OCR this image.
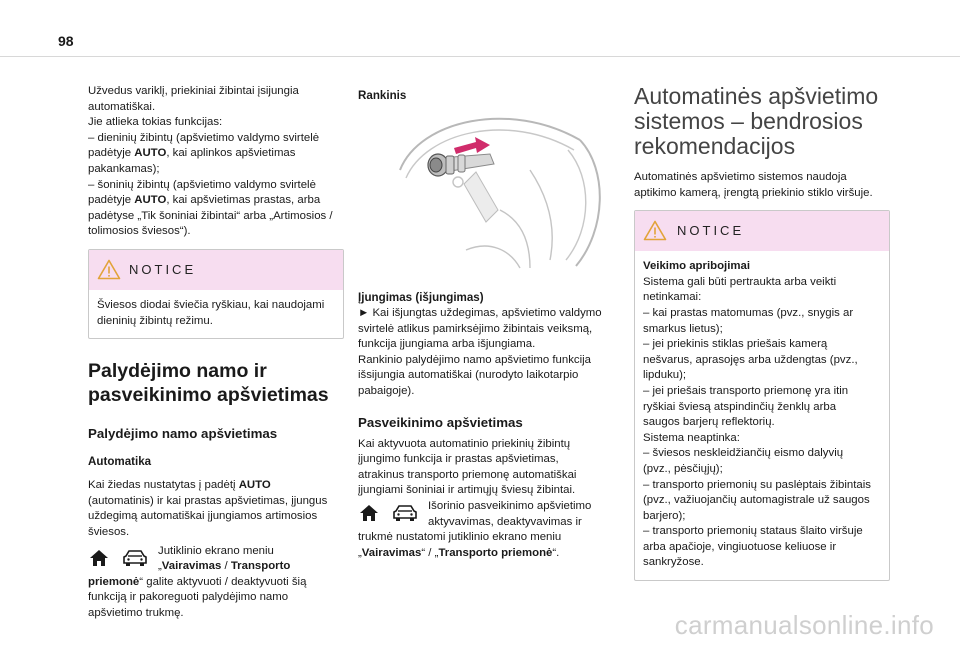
98
Užvedus variklį, priekiniai žibintai įsijungia
automatiškai.
Jie atlieka tokias funkcijas:
– dieninių žibintų (apšvietimo valdymo svirtelė
padėtyje AUTO, kai aplinkos apšvietimas
pakankamas);
– šoninių žibintų (apšvietimo valdymo svirtelė
padėtyje AUTO, kai apšvietimas prastas, arba
padėtyse „Tik šoniniai žibintai“ arba „Artimosios /
tolimosios šviesos“).
NOTICE
Šviesos diodai šviečia ryškiau, kai naudojami
dieninių žibintų režimu.
Palydėjimo namo ir
pasveikinimo apšvietimas
Palydėjimo namo apšvietimas
Automatika
Kai žiedas nustatytas į padėtį AUTO
(automatinis) ir kai prastas apšvietimas, įjungus
uždegimą automatiškai įjungiamos artimosios
šviesos.
Jutiklinio ekrano meniu
„Vairavimas / Transporto
priemonė“ galite aktyvuoti / deaktyvuoti šią
funkciją ir pakoreguoti palydėjimo namo
apšvietimo trukmę.
Rankinis
Įjungimas (išjungimas)
► Kai išjungtas uždegimas, apšvietimo valdymo
svirtelė atlikus pamirksėjimo žibintais veiksmą,
funkcija įjungiama arba išjungiama.
Rankinio palydėjimo namo apšvietimo funkcija
išsijungia automatiškai (nurodyto laikotarpio
pabaigoje).
Pasveikinimo apšvietimas
Kai aktyvuota automatinio priekinių žibintų
įjungimo funkcija ir prastas apšvietimas,
atrakinus transporto priemonę automatiškai
įjungiami šoniniai ir artimųjų šviesų žibintai.
Išorinio pasveikinimo apšvietimo
aktyvavimas, deaktyvavimas ir
trukmė nustatomi jutiklinio ekrano meniu
„Vairavimas“ / „Transporto priemonė“.
Automatinės apšvietimo
sistemos – bendrosios
rekomendacijos
Automatinės apšvietimo sistemos naudoja
aptikimo kamerą, įrengtą priekinio stiklo viršuje.
NOTICE
Veikimo apribojimai
Sistema gali būti pertraukta arba veikti
netinkamai:
– kai prastas matomumas (pvz., snygis ar
smarkus lietus);
– jei priekinis stiklas priešais kamerą
nešvarus, aprasojęs arba uždengtas (pvz.,
lipduku);
– jei priešais transporto priemonę yra itin
ryškiai šviesą atspindinčių ženklų arba
saugos barjerų reflektorių.
Sistema neaptinka:
– šviesos neskleidžiančių eismo dalyvių
(pvz., pėsčiųjų);
– transporto priemonių su paslėptais žibintais
(pvz., važiuojančių automagistrale už saugos
barjero);
– transporto priemonių stataus šlaito viršuje
arba apačioje, vingiuotuose keliuose ir
sankryžose.
carmanualsonline.info
